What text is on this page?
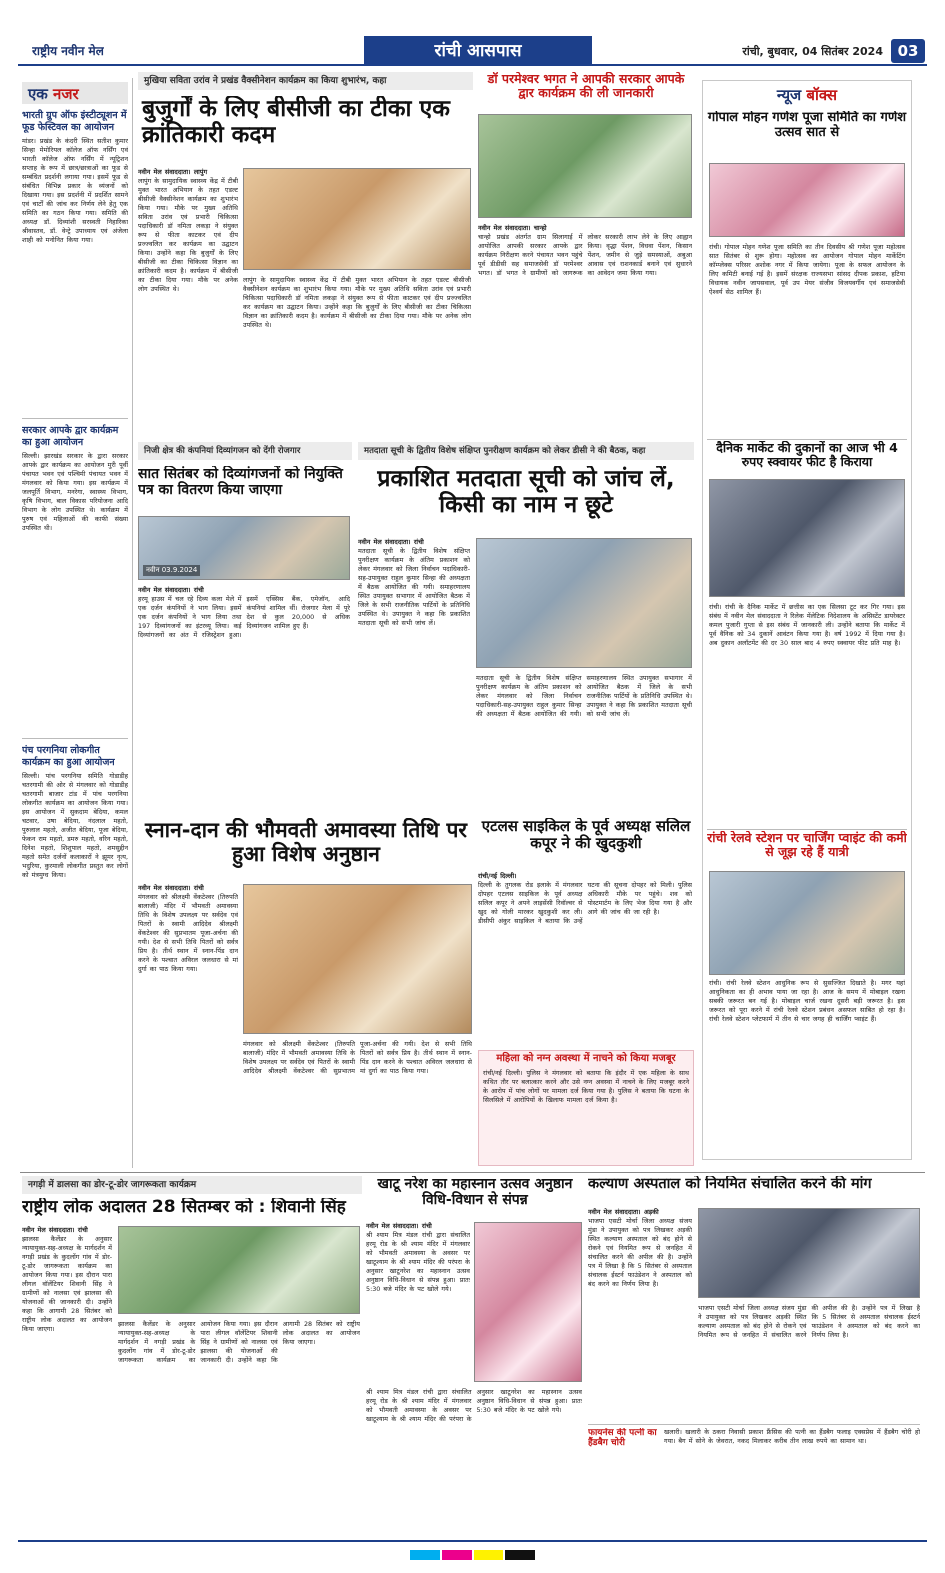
राष्ट्रीय नवीन मेल	रांची आसपास	रांची, बुधवार, 04 सितंबर 2024 03
एक नजर
भारती ग्रुप ऑफ इंस्टीट्यूशन में फूड फेस्टिवल का आयोजन
मांडर। प्रखंड के कंदरी स्थित सतीश कुमार सिन्हा मेमोरियल कॉलेज ऑफ नर्सिंग एवं भारती कॉलेज ऑफ नर्सिंग में न्यूट्रिशन सप्ताह के रूप में छात्र/छात्राओं का फूड से सम्बंधित प्रदर्शनी लगाया गया। इसमें फूड से संबंधित विभिन्न प्रकार के व्यंजनों को दिखाया गया। इस प्रदर्शनी में प्रदर्शित सामने एवं चार्टों की जांच कर निर्णय लेने हेतु एक समिति का गठन किया गया। समिति की अध्यक्ष डॉ. दिव्यांशी सरस्वती निहारिका श्रीवास्तव, डॉ. वेन्ट्रे उपाध्याय एवं अंजेला शाही को मनोनित किया गया।
सरकार आपके द्वार कार्यक्रम का हुआ आयोजन
सिल्ली। झारखंड सरकार के द्वारा सरकार आपके द्वार कार्यक्रम का आयोजन मुरी पूर्वी पंचायत भवन एवं पश्चिमी पंचायत भवन में मंगलवार को किया गया। इस कार्यक्रम में जलपूर्ति विभाग, मनरेगा, स्वास्थ्य विभाग, कृषि विभाग, बाल विकास परियोजना आदि विभाग के लोग उपस्थित थे। कार्यक्रम में पुरुष एवं महिलाओं की काफी संख्या उपस्थित थी।
पंच परगनिया लोकगीत कार्यक्रम का हुआ आयोजन
सिल्ली। पांच परगनिया समिति गोडाडीह चतरगामी की ओर से मंगलवार को गोडाडीह चतरगामी बाजार टांड में पांच परगनिया लोकगीत कार्यक्रम का आयोजन किया गया। इस आयोजन में सुकदाम बेदिया, कमल चटवार, उषा बेदिया, नंदलाल महतो, पुरुलाल महतो, अजीत बेदिया, पूजा बेदिया, फेकन राम महतो, डमरु महतो, वरिन महतो, दिनेश महतो, शिशुपाल महतो, शमसुद्दीन महतो समेत दर्जनों कलाकारों ने झूमर नृत्य, भदुरिया, कुरमाली लोकगीत प्रस्तुत कर लोगों को मंत्रमुग्ध किया।
मुखिया सविता उरांव ने प्रखंड वैक्सीनेशन कार्यक्रम का किया शुभारंभ, कहा
बुजुर्गों के लिए बीसीजी का टीका एक क्रांतिकारी कदम
नवीन मेल संवाददाता। लापुंग
लापुंग के सामुदायिक स्वास्थ्य केंद्र में टीबी मुक्त भारत अभियान के तहत एडल्ट बीसीजी वैक्सीनेशन कार्यक्रम का शुभारंभ किया गया। मौके पर मुख्य अतिथि सविता उरांव एवं प्रभारी चिकित्सा पदाधिकारी डॉ नमिता लकड़ा ने संयुक्त रूप से फीता काटकर एवं दीप प्रज्ज्वलित कर कार्यक्रम का उद्घाटन किया। उन्होंने कहा कि बुजुर्गों के लिए बीसीजी का टीका चिकित्सा विज्ञान का क्रांतिकारी कदम है। कार्यक्रम में बीसीजी का टीका दिया गया। मौके पर अनेक लोग उपस्थित थे।
लापुंग के सामुदायिक स्वास्थ्य केंद्र में टीबी मुक्त भारत अभियान के तहत एडल्ट बीसीजी वैक्सीनेशन कार्यक्रम का शुभारंभ किया गया। मौके पर मुख्य अतिथि सविता उरांव एवं प्रभारी चिकित्सा पदाधिकारी डॉ नमिता लकड़ा ने संयुक्त रूप से फीता काटकर एवं दीप प्रज्ज्वलित कर कार्यक्रम का उद्घाटन किया। उन्होंने कहा कि बुजुर्गों के लिए बीसीजी का टीका चिकित्सा विज्ञान का क्रांतिकारी कदम है। कार्यक्रम में बीसीजी का टीका दिया गया। मौके पर अनेक लोग उपस्थित थे।
डॉ परमेश्वर भगत ने आपकी सरकार आपके द्वार कार्यक्रम की ली जानकारी
नवीन मेल संवाददाता। चान्हो
चान्हो प्रखंड अंतर्गत ग्राम सिलागाई में आयोजित आपकी सरकार आपके द्वार कार्यक्रम निरीक्षण करने पंचायत भवन पहुंचे पूर्व डीडीसी सह समाजसेवी डॉ परमेश्वर भगत। डॉ भगत ने ग्रामीणों को जागरूक लोकर सरकारी लाभ लेने के लिए आह्वान किया। वृद्धा पेंशन, विधवा पेंशन, किसान पेंशन, जमीन से जुड़े समस्याओं, अबुआ आवास एवं राशनकार्ड बनाने एवं सुधारने का आवेदन जमा किया गया।
न्यूज बॉक्स
गोपाल मोहन गणेश पूजा समिति का गणेश उत्सव सात से
रांची। गोपाल मोहन गणेश पूजा समिति का तीन दिवसीय श्री गणेश पूजा महोत्सव सात सितंबर से शुरू होगा। महोत्सव का आयोजन गोपाल मोहन मार्केटिंग कॉम्प्लेक्स परिसर अशोक नगर में किया जायेगा। पूजा के सफल आयोजन के लिए कमिटी बनाई गई है। इसमें संरक्षक राज्यसभा सांसद दीपक प्रकाश, हटिया विधायक नवीन जायसवाल, पूर्व उप मेयर संजीव विजयवर्गीय एवं समाजसेवी ऐश्वर्य सेठ शामिल हैं।
दैनिक मार्केट की दुकानों का आज भी 4 रुपए स्क्वायर फीट है किराया
रांची। रांची के दैनिक मार्केट में छत्तीस का एक सिलसा टूट कर गिर गया। इस संबंध में नवीन मेल संवाददाता ने रिलेक मेंलेटिक निदेशालय के असिस्टेंट डायरेक्टर कमल पुजारी गुप्ता से इस संबंध में जानकारी ली। उन्होंने बताया कि मार्केट में पूर्व वैनिक को 34 दुकानें आवंटन किया गया है। वर्ष 1992 में दिया गया है। अब दुकान अलॉटमेंट की दर 30 साल बाद 4 रुपए स्क्वायर फीट प्रति माह है।
रांची रेलवे स्टेशन पर चार्जिंग प्वाइंट की कमी से जूझ रहे हैं यात्री
रांची। रांची रेलवे स्टेशन आधुनिक रूप से सुसज्जित दिखाते है। मगर यहां आधुनिकता का ही अभाव पाया जा रहा है। आज के समय में मोबाइल रखना सबकी जरूरत बन गई है। मोबाइल चार्ज रखना दूसरी बड़ी जरूरत है। इस जरूरत को पूरा करने में रांची रेलवे स्टेशन प्रबंधन असफल साबित हो रहा है। रांची रेलवे स्टेशन प्लेटफार्म में तीन से चार जगह ही चार्जिंग प्वाइंट हैं।
निजी क्षेत्र की कंपनियां दिव्यांगजन को देंगी रोजगार
सात सितंबर को दिव्यांगजनों को नियुक्ति पत्र का वितरण किया जाएगा
नवीन 03.9.2024
नवीन मेल संवाददाता। रांची
हरमू हाउस में चल रहे दिव्य कला मेले में एक दर्जन कंपनियों ने भाग लिया। इसमें एक दर्जन कंपनियों ने भाग लिया तथा 197 दिव्यांगजनों का इंटरव्यू लिया। कई दिव्यांगजनों का अंत में रजिस्ट्रेशन हुआ। इसमें एक्सिस बैंक, एमेजॉन, आदि कंपनियां शामिल थीं। रोजगार मेला में पूरे देश से कुल 20,000 से अधिक दिव्यांगजन शामिल हुए हैं।
मतदाता सूची के द्वितीय विशेष संक्षिप्त पुनरीक्षण कार्यक्रम को लेकर डीसी ने की बैठक, कहा
प्रकाशित मतदाता सूची को जांच लें, किसी का नाम न छूटे
नवीन मेल संवाददाता। रांची
मतदाता सूची के द्वितीय विशेष संक्षिप्त पुनरीक्षण कार्यक्रम के अंतिम प्रकाशन को लेकर मंगलवार को जिला निर्वाचन पदाधिकारी-सह-उपायुक्त राहुल कुमार सिन्हा की अध्यक्षता में बैठक आयोजित की गयी। समाहरणालय स्थित उपायुक्त सभागार में आयोजित बैठक में जिले के सभी राजनीतिक पार्टियों के प्रतिनिधि उपस्थित थे। उपायुक्त ने कहा कि प्रकाशित मतदाता सूची को सभी जांच लें।
मतदाता सूची के द्वितीय विशेष संक्षिप्त पुनरीक्षण कार्यक्रम के अंतिम प्रकाशन को लेकर मंगलवार को जिला निर्वाचन पदाधिकारी-सह-उपायुक्त राहुल कुमार सिन्हा की अध्यक्षता में बैठक आयोजित की गयी। समाहरणालय स्थित उपायुक्त सभागार में आयोजित बैठक में जिले के सभी राजनीतिक पार्टियों के प्रतिनिधि उपस्थित थे। उपायुक्त ने कहा कि प्रकाशित मतदाता सूची को सभी जांच लें।
स्नान-दान की भौमवती अमावस्या तिथि पर हुआ विशेष अनुष्ठान
नवीन मेल संवाददाता। रांची
मंगलवार को श्रीलक्ष्मी वेंकटेश्वर (तिरुपति बालाजी) मंदिर में भौमवती अमावस्या तिथि के विशेष उपलक्ष्य पर सर्वदेव एवं पितरों के स्वामी आदिदेव श्रीलक्ष्मी वेंकटेश्वर की सुप्रभातम पूजा-अर्चना की गयी। देश से सभी तिथि पितरों को सर्वत्र प्रिय है। तीर्थ स्थान में स्नान-पिंड दान करने के पश्चात अविरल जलधारा से मां दुर्गा का पाठ किया गया।
मंगलवार को श्रीलक्ष्मी वेंकटेश्वर (तिरुपति बालाजी) मंदिर में भौमवती अमावस्या तिथि के विशेष उपलक्ष्य पर सर्वदेव एवं पितरों के स्वामी आदिदेव श्रीलक्ष्मी वेंकटेश्वर की सुप्रभातम पूजा-अर्चना की गयी। देश से सभी तिथि पितरों को सर्वत्र प्रिय है। तीर्थ स्थान में स्नान-पिंड दान करने के पश्चात अविरल जलधारा से मां दुर्गा का पाठ किया गया।
एटलस साइकिल के पूर्व अध्यक्ष सलिल कपूर ने की खुदकुशी
रांची/नई दिल्ली।
दिल्ली के तुगलक रोड इलाके में मंगलवार दोपहर एटलस साइकिल के पूर्व अध्यक्ष सलिल कपूर ने अपने लाइसेंसी रिवॉल्वर से खुद को गोली मारकर खुदकुशी कर ली। डीसीपी अंकुर साइकिल ने बताया कि उन्हें घटना की सूचना दोपहर को मिली। पुलिस अधिकारी मौके पर पहुंचे। शव को पोस्टमार्टम के लिए भेज दिया गया है और आगे की जांच की जा रही है।
महिला को नग्न अवस्था में नाचने को किया मजबूर
रांची/नई दिल्ली। पुलिस ने मंगलवार को बताया कि इंदौर में एक महिला के साथ कथित तौर पर बलात्कार करने और उसे नग्न अवस्था में नाचने के लिए मजबूर करने के आरोप में पांच लोगों पर मामला दर्ज किया गया है। पुलिस ने बताया कि घटना के सिलसिले में आरोपियों के खिलाफ मामला दर्ज किया है।
नगड़ी में डालसा का डोर-टू-डोर जागरूकता कार्यक्रम
राष्ट्रीय लोक अदालत 28 सितम्बर को : शिवानी सिंह
नवीन मेल संवाददाता। रांची
झालसा कैलेंडर के अनुसार न्यायायुक्त-सह-अध्यक्ष के मार्गदर्शन में नगड़ी प्रखंड के कुदलोंग गांव में डोर-टू-डोर जागरूकता कार्यक्रम का आयोजन किया गया। इस दौरान पारा लीगल वॉलेंटियर शिवानी सिंह ने ग्रामीणों को नालसा एवं झालसा की योजनाओं की जानकारी दी। उन्होंने कहा कि आगामी 28 सितंबर को राष्ट्रीय लोक अदालत का आयोजन किया जाएगा।
झालसा कैलेंडर के अनुसार न्यायायुक्त-सह-अध्यक्ष के मार्गदर्शन में नगड़ी प्रखंड के कुदलोंग गांव में डोर-टू-डोर जागरूकता कार्यक्रम का आयोजन किया गया। इस दौरान पारा लीगल वॉलेंटियर शिवानी सिंह ने ग्रामीणों को नालसा एवं झालसा की योजनाओं की जानकारी दी। उन्होंने कहा कि आगामी 28 सितंबर को राष्ट्रीय लोक अदालत का आयोजन किया जाएगा।
खाटू नरेश का महास्नान उत्सव अनुष्ठान विधि-विधान से संपन्न
नवीन मेल संवाददाता। रांची
श्री श्याम मित्र मंडल रांची द्वारा संचालित हरमू रोड के श्री श्याम मंदिर में मंगलवार को भौमवती अमावस्या के अवसर पर खाटूश्याम के श्री श्याम मंदिर की परंपरा के अनुसार खाटूनरेश का महास्नान उत्सव अनुष्ठान विधि-विधान से संपन्न हुआ। प्रातः 5:30 बजे मंदिर के पट खोले गये।
श्री श्याम मित्र मंडल रांची द्वारा संचालित हरमू रोड के श्री श्याम मंदिर में मंगलवार को भौमवती अमावस्या के अवसर पर खाटूश्याम के श्री श्याम मंदिर की परंपरा के अनुसार खाटूनरेश का महास्नान उत्सव अनुष्ठान विधि-विधान से संपन्न हुआ। प्रातः 5:30 बजे मंदिर के पट खोले गये।
कल्याण अस्पताल को नियमित संचालित करने की मांग
नवीन मेल संवाददाता। अड़की
भाजपा एसटी मोर्चा जिला अध्यक्ष संजय मुंडा ने उपायुक्त को पत्र लिखकर अड़की स्थित कल्याण अस्पताल को बंद होने से रोकने एवं नियमित रूप से जनहित में संचालित करने की अपील की है। उन्होंने पत्र में लिखा है कि 5 सितंबर से अस्पताल संचालक ईस्टर्न फाउंडेशन ने अस्पताल को बंद करने का निर्णय लिया है।
भाजपा एसटी मोर्चा जिला अध्यक्ष संजय मुंडा ने उपायुक्त को पत्र लिखकर अड़की स्थित कल्याण अस्पताल को बंद होने से रोकने एवं नियमित रूप से जनहित में संचालित करने की अपील की है। उन्होंने पत्र में लिखा है कि 5 सितंबर से अस्पताल संचालक ईस्टर्न फाउंडेशन ने अस्पताल को बंद करने का निर्णय लिया है।
फायनेंस की पत्नी का हैंडबैग चोरी
खलारी। खलारी के ठकरा निवासी प्रकाश फ्रैंसिस की पत्नी का हैंडबैग फलाइ एक्सप्रेस में हैंडबैग चोरी हो गया। बैग में सोने के जेवरात, नकद मिलाकर करीब तीन लाख रुपये का सामान था।
